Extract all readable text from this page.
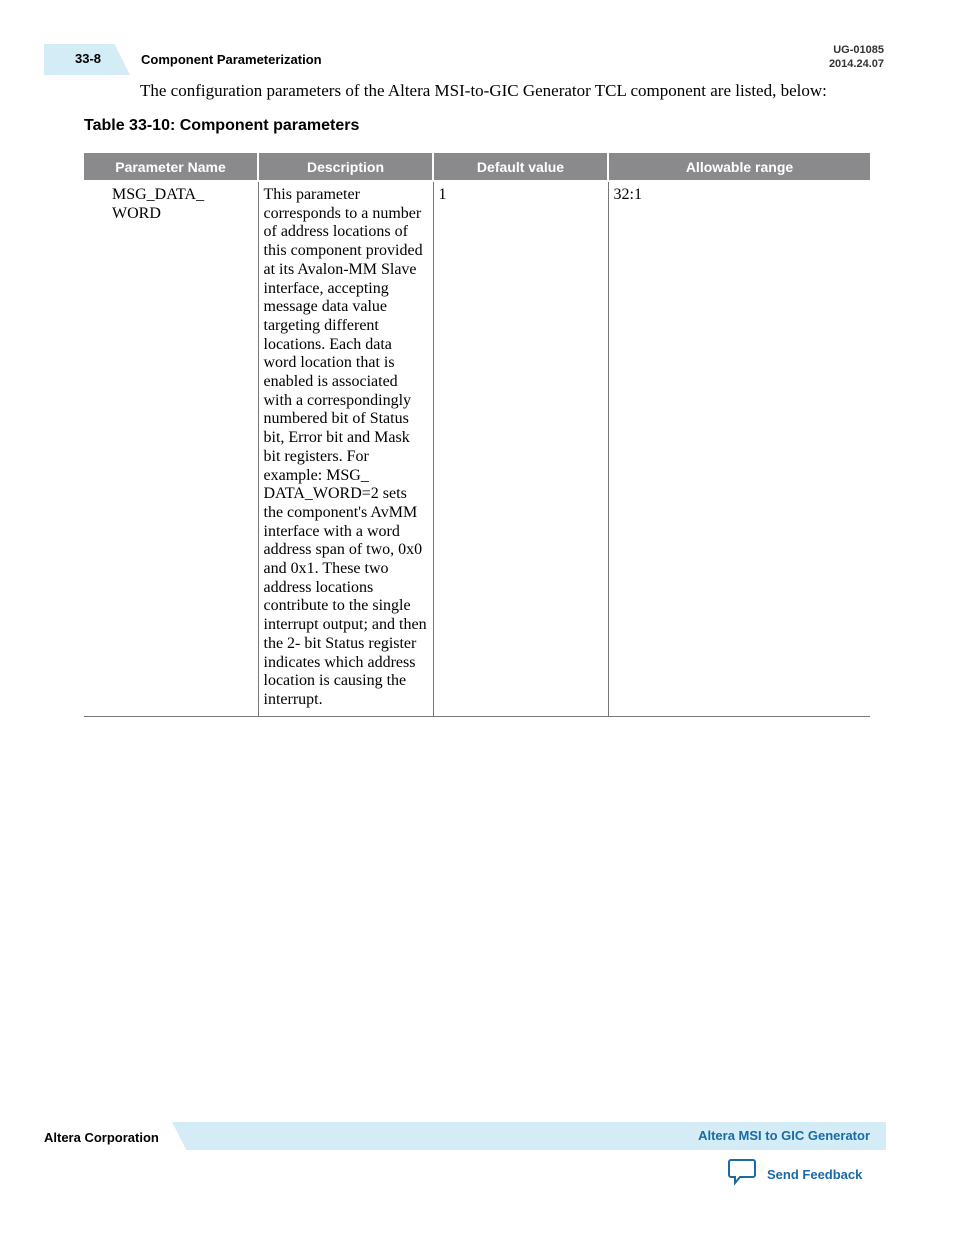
33-8	Component Parameterization
UG-01085
2014.24.07
The configuration parameters of the Altera MSI-to-GIC Generator TCL component are listed, below:
Table 33-10: Component parameters
Parameter Name	Description	Default value	Allowable range

MSG_DATA_
WORD	This parameter corresponds to a number of address locations of this component provided at its Avalon-MM Slave interface, accepting message data value targeting different locations. Each data word location that is enabled is associated with a correspondingly numbered bit of Status bit, Error bit and Mask bit registers. For example: MSG_ DATA_WORD=2 sets the component's AvMM interface with a word address span of two, 0x0 and 0x1. These two address locations contribute to the single interrupt output; and then the 2- bit Status register indicates which address location is causing the interrupt.	1	32:1
Altera Corporation	Altera MSI to GIC Generator
Send Feedback
